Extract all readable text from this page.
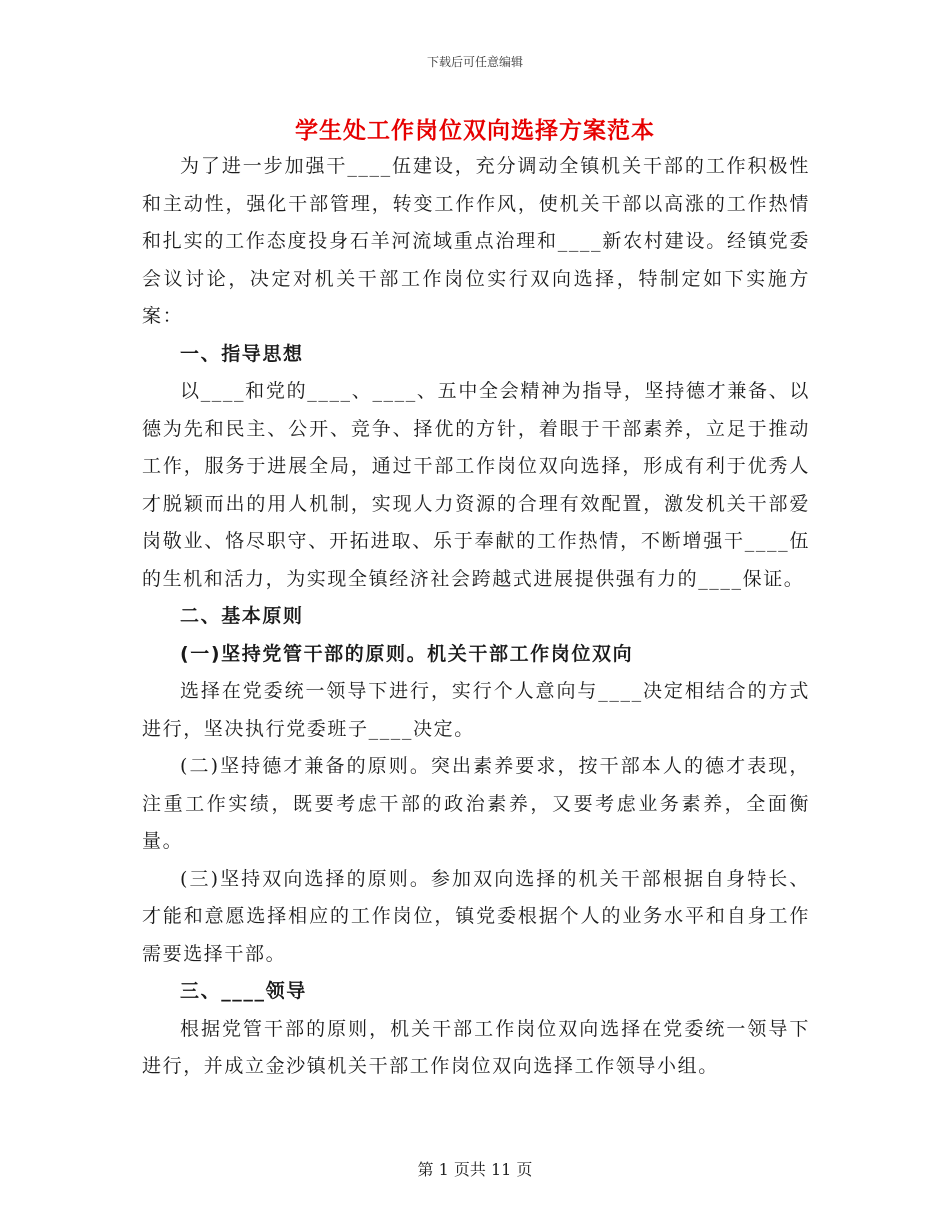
下载后可任意编辑
学生处工作岗位双向选择方案范本

为了进一步加强干____伍建设，充分调动全镇机关干部的工作积极性和主动性，强化干部管理，转变工作作风，使机关干部以高涨的工作热情和扎实的工作态度投身石羊河流域重点治理和____新农村建设。经镇党委会议讨论，决定对机关干部工作岗位实行双向选择，特制定如下实施方案：

一、指导思想

以____和党的____、____、五中全会精神为指导，坚持德才兼备、以德为先和民主、公开、竞争、择优的方针，着眼于干部素养，立足于推动工作，服务于进展全局，通过干部工作岗位双向选择，形成有利于优秀人才脱颖而出的用人机制，实现人力资源的合理有效配置，激发机关干部爱岗敬业、恪尽职守、开拓进取、乐于奉献的工作热情，不断增强干____伍的生机和活力，为实现全镇经济社会跨越式进展提供强有力的____保证。

二、基本原则

(一)坚持党管干部的原则。机关干部工作岗位双向

选择在党委统一领导下进行，实行个人意向与____决定相结合的方式进行，坚决执行党委班子____决定。

(二)坚持德才兼备的原则。突出素养要求，按干部本人的德才表现，注重工作实绩，既要考虑干部的政治素养，又要考虑业务素养，全面衡量。

(三)坚持双向选择的原则。参加双向选择的机关干部根据自身特长、才能和意愿选择相应的工作岗位，镇党委根据个人的业务水平和自身工作需要选择干部。

三、____领导

根据党管干部的原则，机关干部工作岗位双向选择在党委统一领导下进行，并成立金沙镇机关干部工作岗位双向选择工作领导小组。

第 1 页共 11 页
